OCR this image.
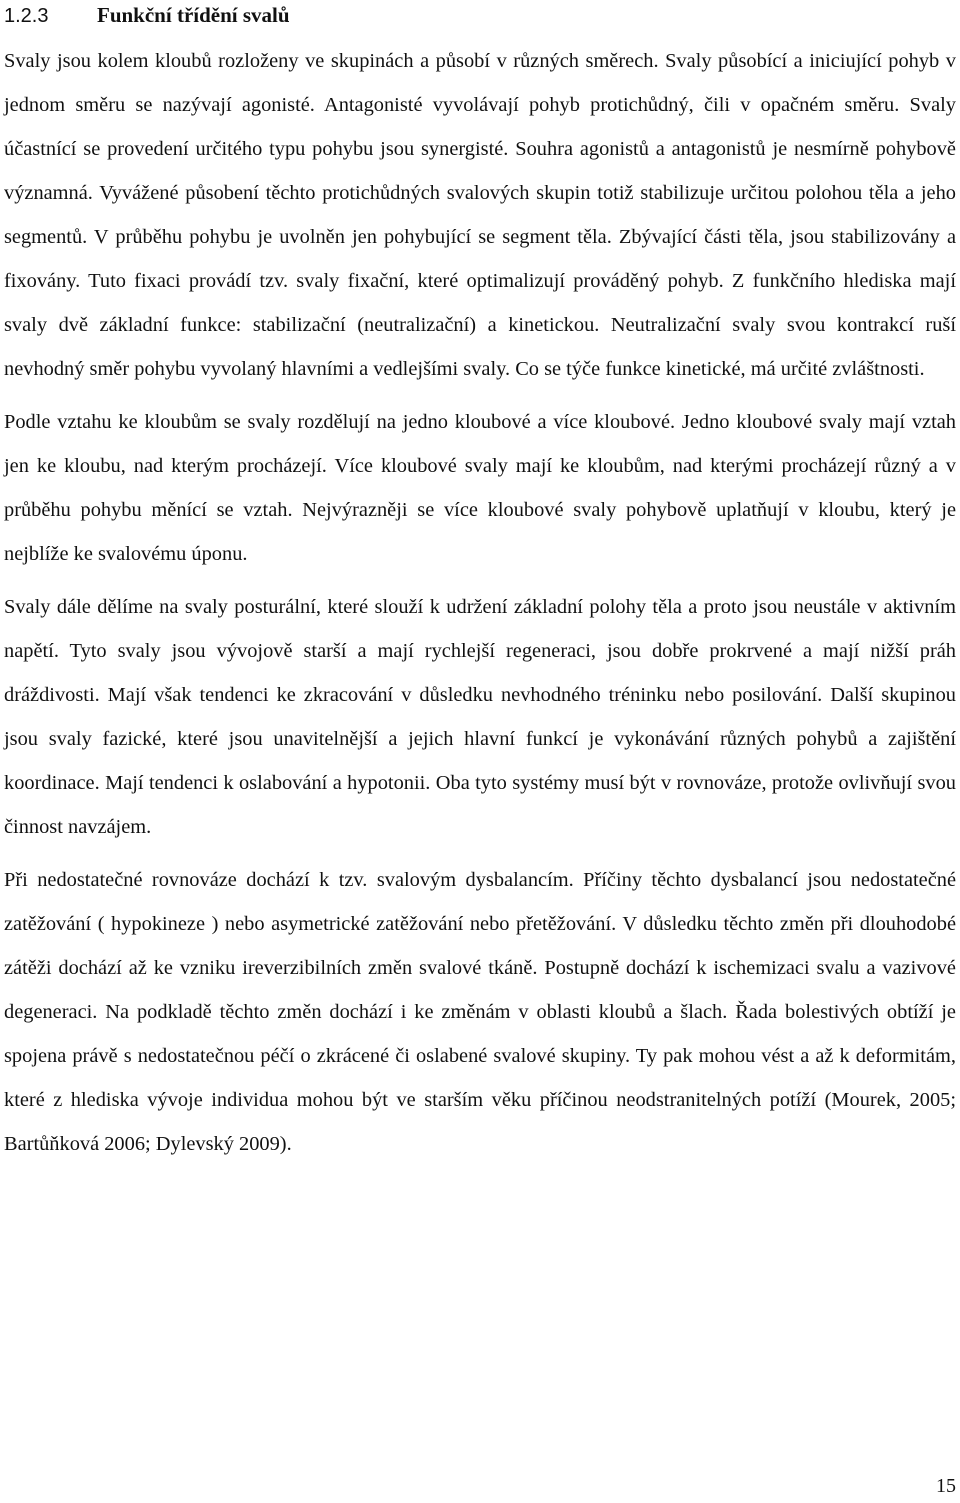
1.2.3 Funkční třídění svalů

Svaly jsou kolem kloubů rozloženy ve skupinách a působí v různých směrech. Svaly působící a iniciující pohyb v jednom směru se nazývají agonisté. Antagonisté vyvolávají pohyb protichůdný, čili v opačném směru. Svaly účastnící se provedení určitého typu pohybu jsou synergisté. Souhra agonistů a antagonistů je nesmírně pohybově významná. Vyvážené působení těchto protichůdných svalových skupin totiž stabilizuje určitou polohou těla a jeho segmentů. V průběhu pohybu je uvolněn jen pohybující se segment těla. Zbývající části těla, jsou stabilizovány a fixovány. Tuto fixaci provádí tzv. svaly fixační, které optimalizují prováděný pohyb. Z funkčního hlediska mají svaly dvě základní funkce: stabilizační (neutralizační) a kinetickou. Neutralizační svaly svou kontrakcí ruší nevhodný směr pohybu vyvolaný hlavními a vedlejšími svaly. Co se týče funkce kinetické, má určité zvláštnosti.

Podle vztahu ke kloubům se svaly rozdělují na jedno kloubové a více kloubové. Jedno kloubové svaly mají vztah jen ke kloubu, nad kterým procházejí. Více kloubové svaly mají ke kloubům, nad kterými procházejí různý a v průběhu pohybu měnící se vztah. Nejvýrazněji se více kloubové svaly pohybově uplatňují v kloubu, který je nejblíže ke svalovému úponu.

Svaly dále dělíme na svaly posturální, které slouží k udržení základní polohy těla a proto jsou neustále v aktivním napětí. Tyto svaly jsou vývojově starší a mají rychlejší regeneraci, jsou dobře prokrvené a mají nižší práh dráždivosti. Mají však tendenci ke zkracování v důsledku nevhodného tréninku nebo posilování. Další skupinou jsou svaly fazické, které jsou unavitelnější a jejich hlavní funkcí je vykonávání různých pohybů a zajištění koordinace. Mají tendenci k oslabování a hypotonii. Oba tyto systémy musí být v rovnováze, protože ovlivňují svou činnost navzájem.

Při nedostatečné rovnováze dochází k tzv. svalovým dysbalancím. Příčiny těchto dysbalancí jsou nedostatečné zatěžování ( hypokineze ) nebo asymetrické zatěžování nebo přetěžování. V důsledku těchto změn při dlouhodobé zátěži dochází až ke vzniku ireverzibilních změn svalové tkáně. Postupně dochází k ischemizaci svalu a vazivové degeneraci. Na podkladě těchto změn dochází i ke změnám v oblasti kloubů a šlach. Řada bolestivých obtíží je spojena právě s nedostatečnou péčí o zkrácené či oslabené svalové skupiny. Ty pak mohou vést a až k deformitám, které z hlediska vývoje individua mohou být ve starším věku příčinou neodstranitelných potíží (Mourek, 2005; Bartůňková 2006; Dylevský 2009).

15
